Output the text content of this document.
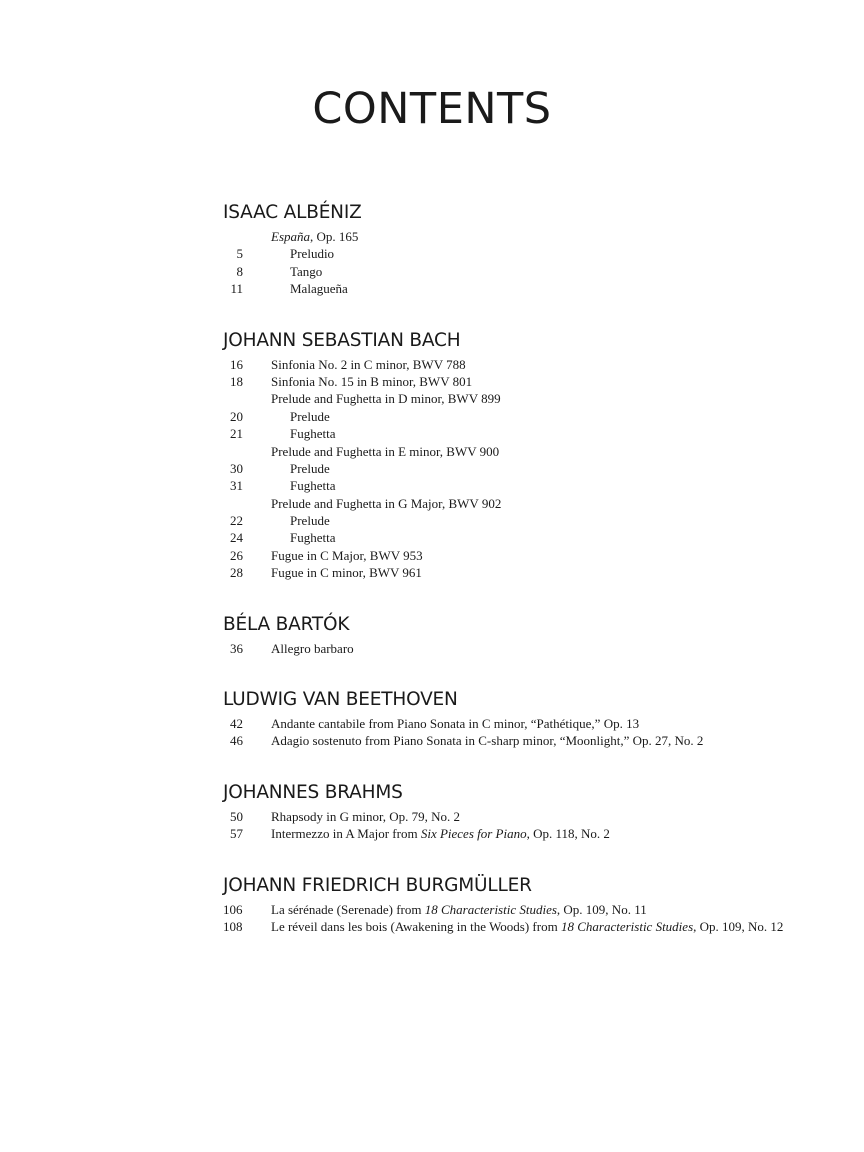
CONTENTS
ISAAC ALBÉNIZ
España, Op. 165
5	Preludio
8	Tango
11	Malagueña
JOHANN SEBASTIAN BACH
16 Sinfonia No. 2 in C minor, BWV 788
18 Sinfonia No. 15 in B minor, BWV 801
Prelude and Fughetta in D minor, BWV 899
20	Prelude
21	Fughetta
Prelude and Fughetta in E minor, BWV 900
30	Prelude
31	Fughetta
Prelude and Fughetta in G Major, BWV 902
22	Prelude
24	Fughetta
26 Fugue in C Major, BWV 953
28 Fugue in C minor, BWV 961
BÉLA BARTÓK
36 Allegro barbaro
LUDWIG VAN BEETHOVEN
42 Andante cantabile from Piano Sonata in C minor, “Pathétique,” Op. 13
46 Adagio sostenuto from Piano Sonata in C-sharp minor, “Moonlight,” Op. 27, No. 2
JOHANNES BRAHMS
50 Rhapsody in G minor, Op. 79, No. 2
57 Intermezzo in A Major from Six Pieces for Piano, Op. 118, No. 2
JOHANN FRIEDRICH BURGMÜLLER
106 La sérénade (Serenade) from 18 Characteristic Studies, Op. 109, No. 11
108 Le réveil dans les bois (Awakening in the Woods) from 18 Characteristic Studies, Op. 109, No. 12
